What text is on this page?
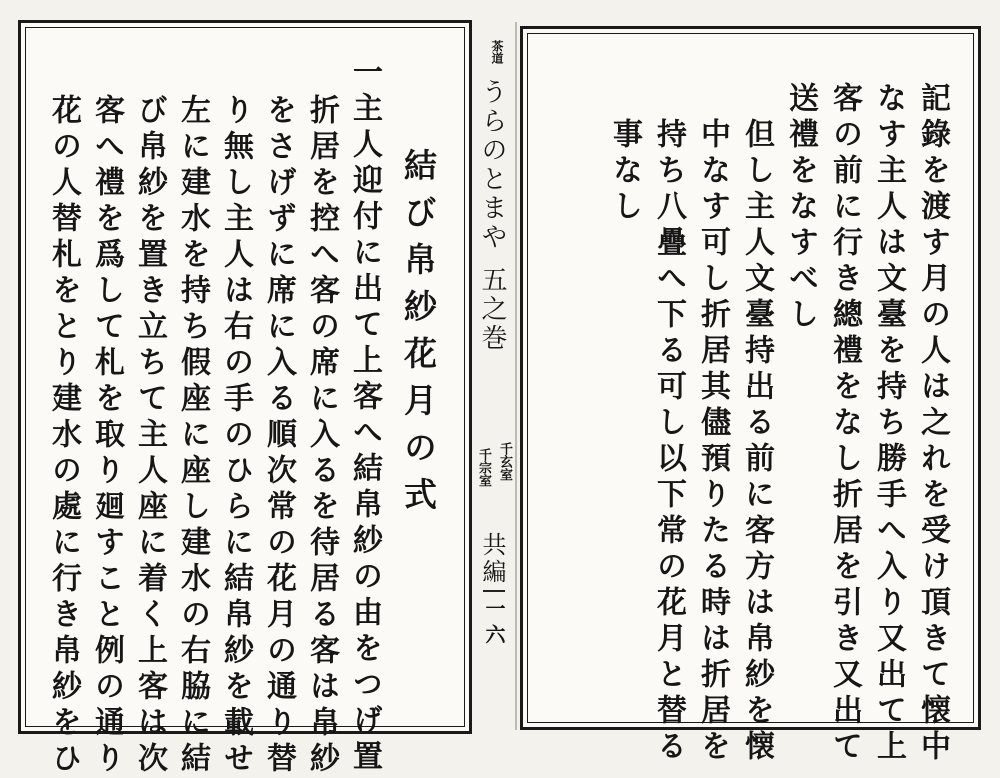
結び帛紗花月の式
一主人迎付に出て上客へ結帛紗の由をつげ置
折居を控へ客の席に入るを待居る客は帛紗
をさげずに席に入る順次常の花月の通り替
り無し主人は右の手のひらに結帛紗を載せ
左に建水を持ち假座に座し建水の右脇に結
び帛紗を置き立ちて主人座に着く上客は次
客へ禮を爲して札を取り廻すこと例の通り
花の人替札をとり建水の處に行き帛紗をひ
茶道
うらのとまや
五之巻
千玄室
千宗室
共編
一六	記錄を渡す月の人は之れを受け頂きて懐中
なす主人は文臺を持ち勝手へ入り又出て上
客の前に行き總禮をなし折居を引き又出て
送禮をなすべし
但し主人文臺持出る前に客方は帛紗を懐
中なす可し折居其儘預りたる時は折居を
持ち八疊へ下る可し以下常の花月と替る
事なし
